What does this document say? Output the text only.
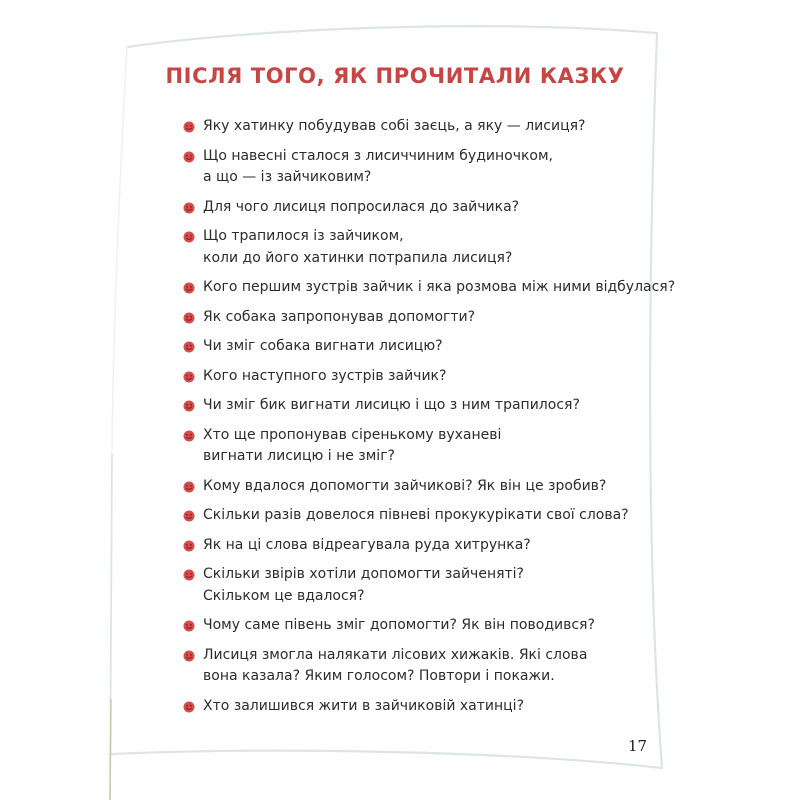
ПІСЛЯ ТОГО, ЯК ПРОЧИТАЛИ КАЗКУ
Яку хатинку побудував собі заєць, а яку — лисиця?
Що навесні сталося з лисиччиним будиночком,
а що — із зайчиковим?
Для чого лисиця попросилася до зайчика?
Що трапилося із зайчиком,
коли до його хатинки потрапила лисиця?
Кого першим зустрів зайчик і яка розмова між ними відбулася?
Як собака запропонував допомогти?
Чи зміг собака вигнати лисицю?
Кого наступного зустрів зайчик?
Чи зміг бик вигнати лисицю і що з ним трапилося?
Хто ще пропонував сіренькому вуханеві
вигнати лисицю і не зміг?
Кому вдалося допомогти зайчикові? Як він це зробив?
Скільки разів довелося півневі прокукурікати свої слова?
Як на ці слова відреагувала руда хитрунка?
Скільки звірів хотіли допомогти зайченяті?
Скільком це вдалося?
Чому саме півень зміг допомогти? Як він поводився?
Лисиця змогла налякати лісових хижаків. Які слова
вона казала? Яким голосом? Повтори і покажи.
Хто залишився жити в зайчиковій хатинці?
17
